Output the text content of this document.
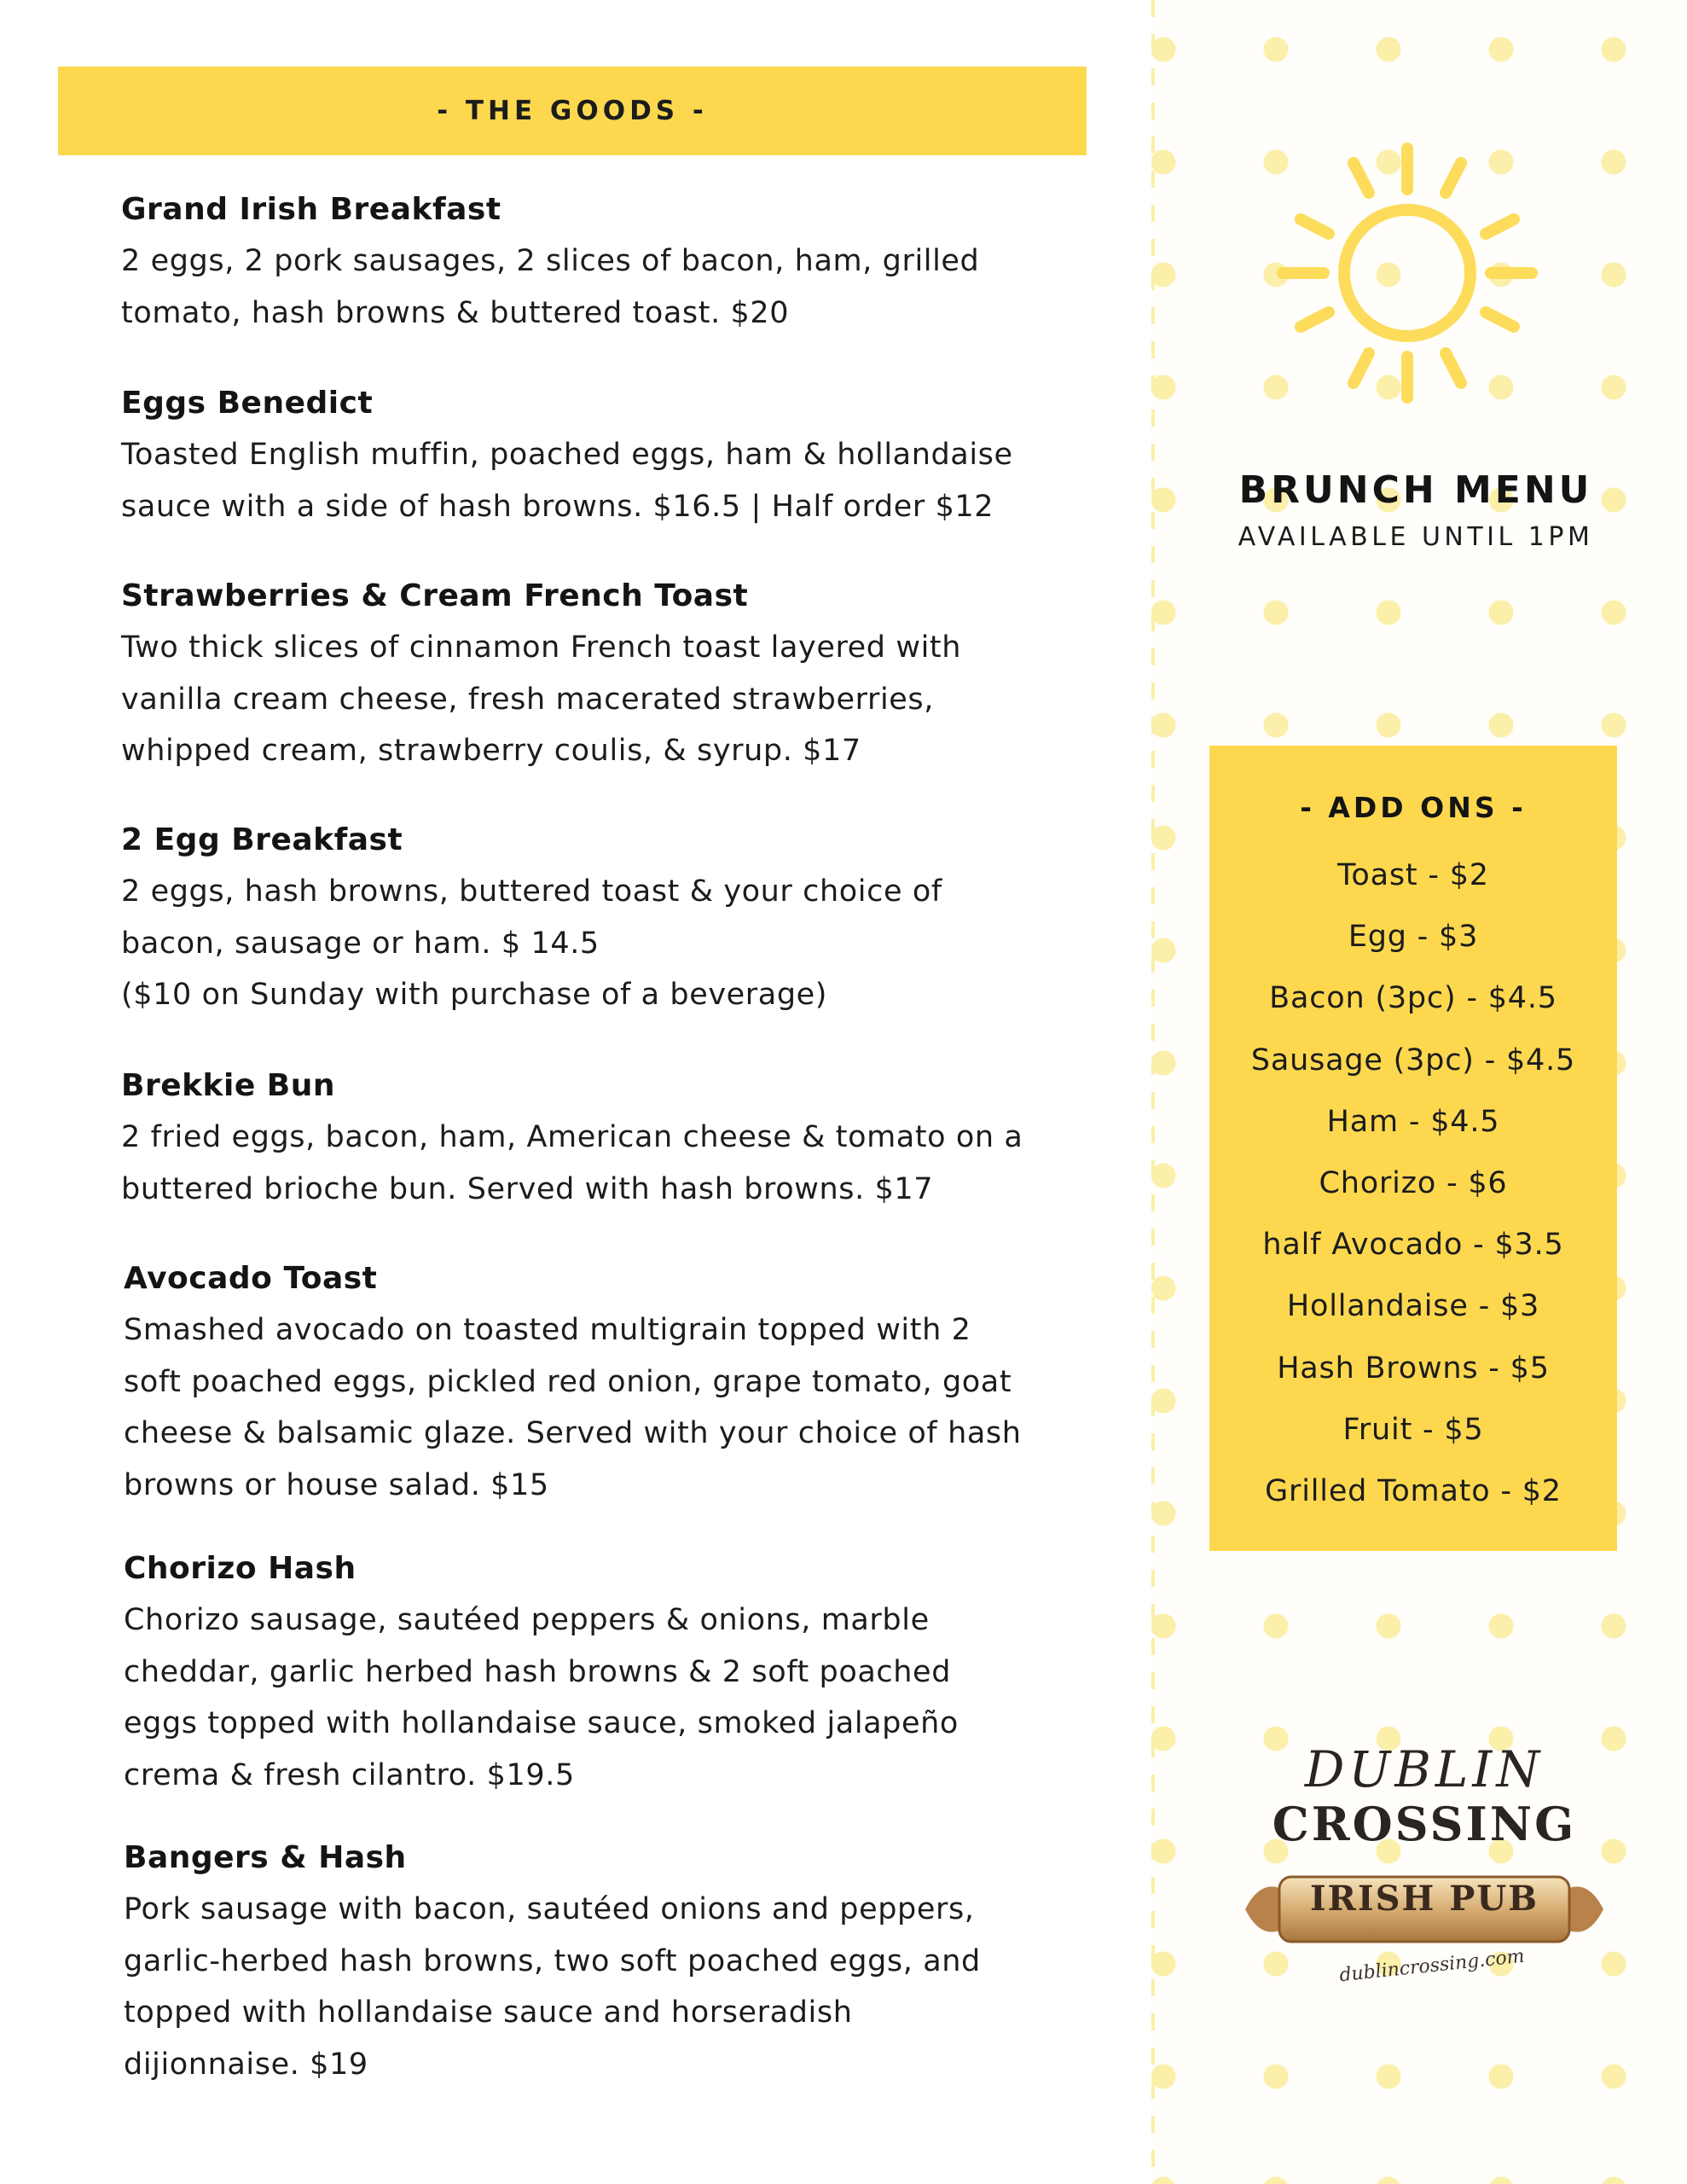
- THE GOODS -

Grand Irish Breakfast

2 eggs, 2 pork sausages, 2 slices of bacon, ham, grilled
tomato, hash browns & buttered toast. $20

Eggs Benedict

Toasted English muffin, poached eggs, ham & hollandaise
sauce with a side of hash browns. $16.5 | Half order $12

Strawberries & Cream French Toast

Two thick slices of cinnamon French toast layered with
vanilla cream cheese, fresh macerated strawberries,
whipped cream, strawberry coulis, & syrup. $17

2 Egg Breakfast

2 eggs, hash browns, buttered toast & your choice of
bacon, sausage or ham. $ 14.5
($10 on Sunday with purchase of a beverage)

Brekkie Bun

2 fried eggs, bacon, ham, American cheese & tomato on a
buttered brioche bun. Served with hash browns. $17

Avocado Toast

Smashed avocado on toasted multigrain topped with 2
soft poached eggs, pickled red onion, grape tomato, goat
cheese & balsamic glaze. Served with your choice of hash
browns or house salad. $15

Chorizo Hash

Chorizo sausage, sautéed peppers & onions, marble
cheddar, garlic herbed hash browns & 2 soft poached
eggs topped with hollandaise sauce, smoked jalapeño
crema & fresh cilantro. $19.5

Bangers & Hash

Pork sausage with bacon, sautéed onions and peppers,
garlic-herbed hash browns, two soft poached eggs, and
topped with hollandaise sauce and horseradish
dijionnaise. $19

BRUNCH MENU

AVAILABLE UNTIL 1PM

- ADD ONS -

Toast - $2
Egg - $3
Bacon (3pc) - $4.5
Sausage (3pc) - $4.5
Ham - $4.5
Chorizo - $6
half Avocado - $3.5
Hollandaise - $3
Hash Browns - $5
Fruit - $5
Grilled Tomato - $2

DUBLIN

CROSSING

IRISH PUB

dublincrossing.com
